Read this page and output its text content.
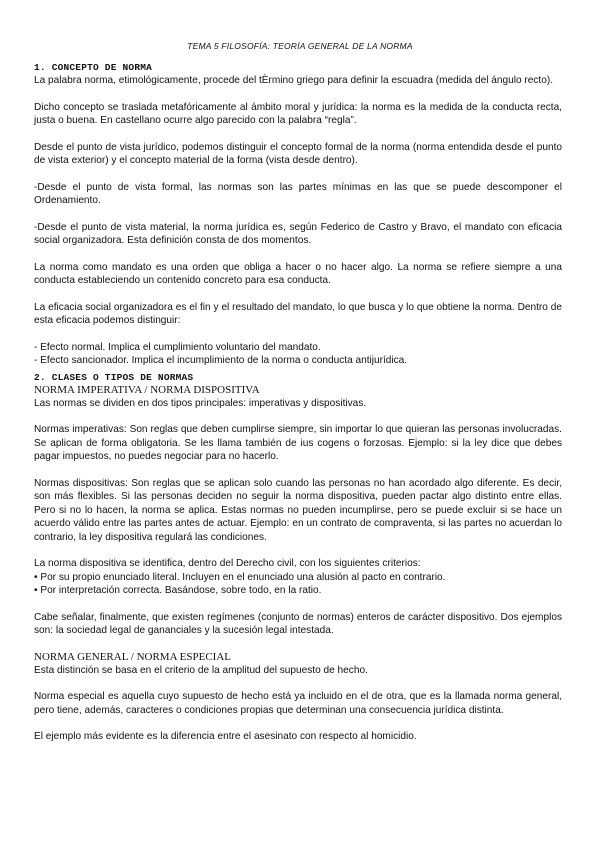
TEMA 5 FILOSOFÍA: TEORÍA GENERAL DE LA NORMA
1. CONCEPTO DE NORMA

La palabra norma, etimológicamente, procede del tÈrmino griego para definir la escuadra (medida del ángulo recto).

Dicho concepto se traslada metafóricamente al ámbito moral y jurídica: la norma es la medida de la conducta recta, justa o buena. En castellano ocurre algo parecido con la palabra “regla”.

Desde el punto de vista jurídico, podemos distinguir el concepto formal de la norma (norma entendida desde el punto de vista exterior) y el concepto material de la forma (vista desde dentro).

-Desde el punto de vista formal, las normas son las partes mínimas en las que se puede descomponer el Ordenamiento.

-Desde el punto de vista material, la norma jurídica es, según Federico de Castro y Bravo, el mandato con eficacia social organizadora. Esta definición consta de dos momentos.

La norma como mandato es una orden que obliga a hacer o no hacer algo. La norma se refiere siempre a una conducta estableciendo un contenido concreto para esa conducta.

La eficacia social organizadora es el fin y el resultado del mandato, lo que busca y lo que obtiene la norma. Dentro de esta eficacia podemos distinguir:

- Efecto normal. Implica el cumplimiento voluntario del mandato.

- Efecto sancionador. Implica el incumplimiento de la norma o conducta antijurídica.

2. CLASES O TIPOS DE NORMAS
NORMA IMPERATIVA / NORMA DISPOSITIVA

Las normas se dividen en dos tipos principales: imperativas y dispositivas.

Normas imperativas: Son reglas que deben cumplirse siempre, sin importar lo que quieran las personas involucradas. Se aplican de forma obligatoria. Se les llama también de ius cogens o forzosas. Ejemplo: si la ley dice que debes pagar impuestos, no puedes negociar para no hacerlo.

Normas dispositivas: Son reglas que se aplican solo cuando las personas no han acordado algo diferente. Es decir, son más flexibles. Si las personas deciden no seguir la norma dispositiva, pueden pactar algo distinto entre ellas. Pero si no lo hacen, la norma se aplica. Estas normas no pueden incumplirse, pero se puede excluir si se hace un acuerdo válido entre las partes antes de actuar. Ejemplo: en un contrato de compraventa, si las partes no acuerdan lo contrario, la ley dispositiva regulará las condiciones.

La norma dispositiva se identifica, dentro del Derecho civil, con los siguientes criterios:

• Por su propio enunciado literal. Incluyen en el enunciado una alusión al pacto en contrario.

• Por interpretación correcta. Basándose, sobre todo, en la ratio.

Cabe señalar, finalmente, que existen regímenes (conjunto de normas) enteros de carácter dispositivo. Dos ejemplos son: la sociedad legal de gananciales y la sucesión legal intestada.

NORMA GENERAL / NORMA ESPECIAL

Esta distinción se basa en el criterio de la amplitud del supuesto de hecho.

Norma especial es aquella cuyo supuesto de hecho está ya incluido en el de otra, que es la llamada norma general, pero tiene, además, caracteres o condiciones propias que determinan una consecuencia jurídica distinta.

El ejemplo más evidente es la diferencia entre el asesinato con respecto al homicidio.
